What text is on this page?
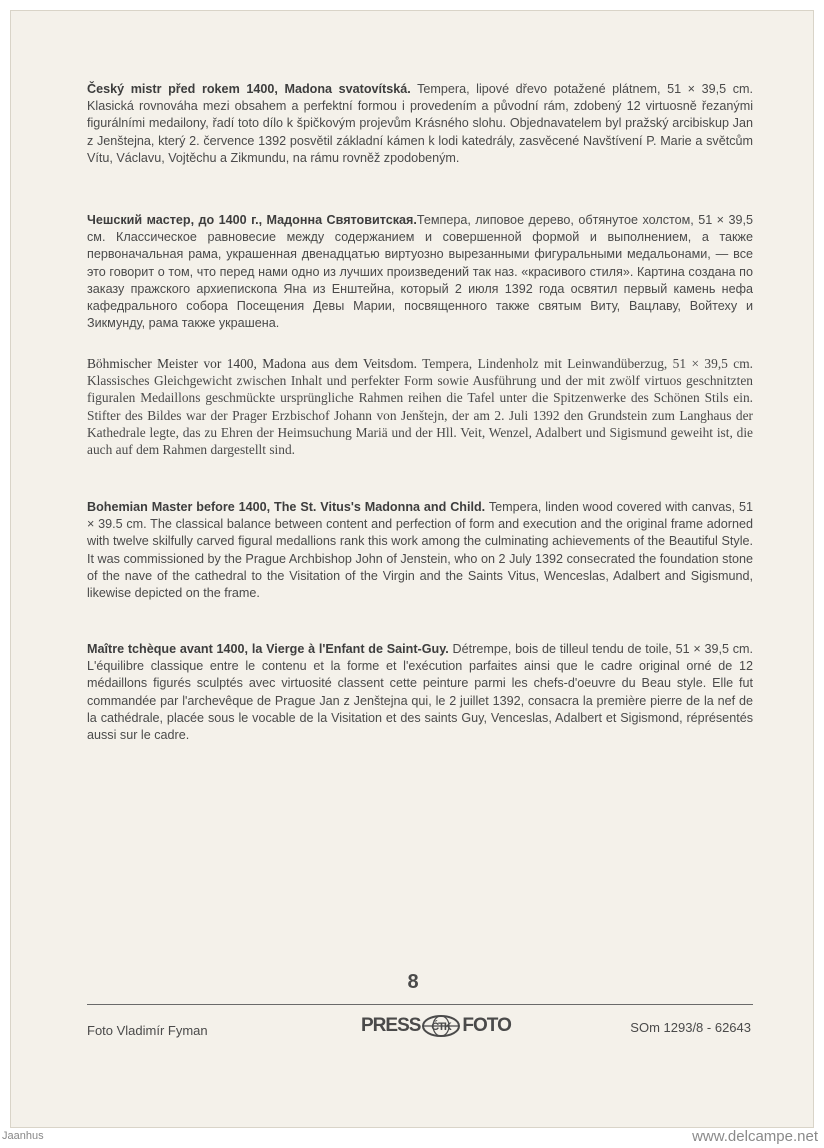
Český mistr před rokem 1400, Madona svatovítská. Tempera, lipové dřevo potažené plátnem, 51 × 39,5 cm. Klasická rovnováha mezi obsahem a perfektní formou i provedením a původní rám, zdobený 12 virtuosně řezanými figurálními medailony, řadí toto dílo k špičkovým projevům Krásného slohu. Objednavatelem byl pražský arcibiskup Jan z Jenštejna, který 2. července 1392 posvětil základní kámen k lodi katedrály, zasvěcené Navštívení P. Marie a světcům Vítu, Václavu, Vojtěchu a Zikmundu, na rámu rovněž zpodobeným.
Чешский мастер, до 1400 г., Мадонна Святовитская.Темпера, липовое дерево, обтянутое холстом, 51 × 39,5 см. Классическое равновесие между содержанием и совершенной формой и выполнением, а также первоначальная рама, украшенная двенадцатью виртуозно вырезанными фигуральными медальонами, — все это говорит о том, что перед нами одно из лучших произведений так наз. «красивого стиля». Картина создана по заказу пражского архиепископа Яна из Енштейна, который 2 июля 1392 года освятил первый камень нефа кафедрального собора Посещения Девы Марии, посвященного также святым Виту, Вацлаву, Войтеху и Зикмунду, рама также украшена.
Böhmischer Meister vor 1400, Madona aus dem Veitsdom. Tempera, Lindenholz mit Leinwandüberzug, 51 × 39,5 cm. Klassisches Gleichgewicht zwischen Inhalt und perfekter Form sowie Ausführung und der mit zwölf virtuos geschnitzten figuralen Medaillons geschmückte ursprüngliche Rahmen reihen die Tafel unter die Spitzenwerke des Schönen Stils ein. Stifter des Bildes war der Prager Erzbischof Johann von Jenštejn, der am 2. Juli 1392 den Grundstein zum Langhaus der Kathedrale legte, das zu Ehren der Heimsuchung Mariä und der Hll. Veit, Wenzel, Adalbert und Sigismund geweiht ist, die auch auf dem Rahmen dargestellt sind.
Bohemian Master before 1400, The St. Vitus's Madonna and Child. Tempera, linden wood covered with canvas, 51 × 39.5 cm. The classical balance between content and perfection of form and execution and the original frame adorned with twelve skilfully carved figural medallions rank this work among the culminating achievements of the Beautiful Style. It was commissioned by the Prague Archbishop John of Jenstein, who on 2 July 1392 consecrated the foundation stone of the nave of the cathedral to the Visitation of the Virgin and the Saints Vitus, Wenceslas, Adalbert and Sigismund, likewise depicted on the frame.
Maître tchèque avant 1400, la Vierge à l'Enfant de Saint-Guy. Détrempe, bois de tilleul tendu de toile, 51 × 39,5 cm. L'équilibre classique entre le contenu et la forme et l'exécution parfaites ainsi que le cadre original orné de 12 médaillons figurés sculptés avec virtuosité classent cette peinture parmi les chefs-d'oeuvre du Beau style. Elle fut commandée par l'archevêque de Prague Jan z Jenštejna qui, le 2 juillet 1392, consacra la première pierre de la nef de la cathédrale, placée sous le vocable de la Visitation et des saints Guy, Venceslas, Adalbert et Sigismond, réprésentés aussi sur le cadre.
8
Foto Vladimír Fyman	PRESS ČTK FOTO	SOm 1293/8 - 62643
Jaanhus	www.delcampe.net
